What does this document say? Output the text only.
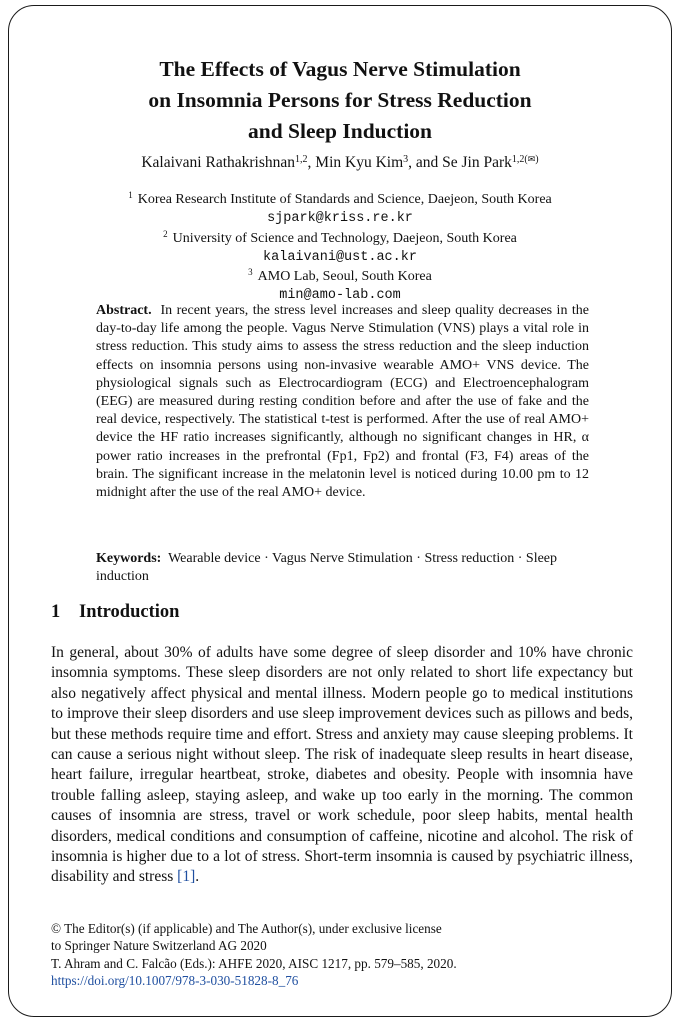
The Effects of Vagus Nerve Stimulation
on Insomnia Persons for Stress Reduction
and Sleep Induction
Kalaivani Rathakrishnan$^{1,2}$, Min Kyu Kim$^3$, and Se Jin Park$^{1,2(✉)}$
$^1$ Korea Research Institute of Standards and Science, Daejeon, South Korea
sjpark@kriss.re.kr
$^2$ University of Science and Technology, Daejeon, South Korea
kalaivani@ust.ac.kr
$^3$ AMO Lab, Seoul, South Korea
min@amo-lab.com
Abstract. In recent years, the stress level increases and sleep quality decreases in the day-to-day life among the people. Vagus Nerve Stimulation (VNS) plays a vital role in stress reduction. This study aims to assess the stress reduction and the sleep induction effects on insomnia persons using non-invasive wearable AMO+ VNS device. The physiological signals such as Electrocardiogram (ECG) and Electroencephalogram (EEG) are measured during resting condition before and after the use of fake and the real device, respectively. The statistical t-test is performed. After the use of real AMO+ device the HF ratio increases significantly, although no significant changes in HR, α power ratio increases in the prefrontal (Fp1, Fp2) and frontal (F3, F4) areas of the brain. The significant increase in the melatonin level is noticed during 10.00 pm to 12 midnight after the use of the real AMO+ device.
Keywords: Wearable device · Vagus Nerve Stimulation · Stress reduction · Sleep induction
1 Introduction
In general, about 30% of adults have some degree of sleep disorder and 10% have chronic insomnia symptoms. These sleep disorders are not only related to short life expectancy but also negatively affect physical and mental illness. Modern people go to medical institutions to improve their sleep disorders and use sleep improvement devices such as pillows and beds, but these methods require time and effort. Stress and anxiety may cause sleeping problems. It can cause a serious night without sleep. The risk of inadequate sleep results in heart disease, heart failure, irregular heartbeat, stroke, diabetes and obesity. People with insomnia have trouble falling asleep, staying asleep, and wake up too early in the morning. The common causes of insomnia are stress, travel or work schedule, poor sleep habits, mental health disorders, medical conditions and consumption of caffeine, nicotine and alcohol. The risk of insomnia is higher due to a lot of stress. Short-term insomnia is caused by psychiatric illness, disability and stress [1].
© The Editor(s) (if applicable) and The Author(s), under exclusive license
to Springer Nature Switzerland AG 2020
T. Ahram and C. Falcão (Eds.): AHFE 2020, AISC 1217, pp. 579–585, 2020.
https://doi.org/10.1007/978-3-030-51828-8_76
